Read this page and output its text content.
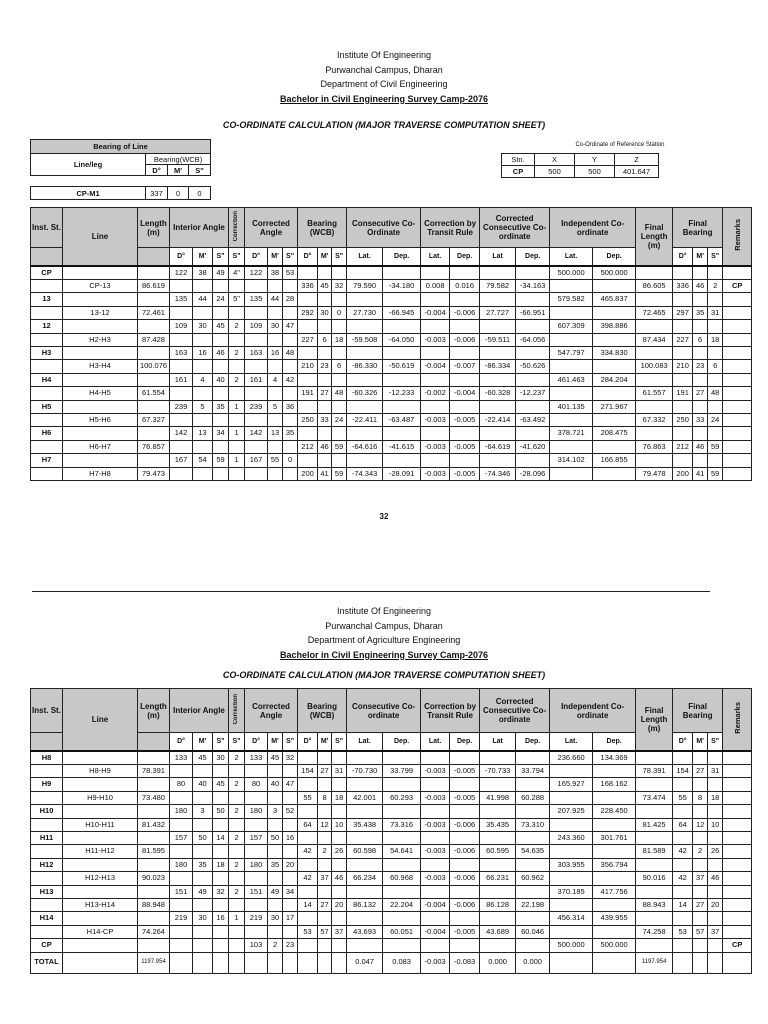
Institute Of Engineering
Purwanchal Campus, Dharan
Department of Civil Engineering
Bachelor in Civil Engineering Survey Camp-2076
CO-ORDINATE CALCULATION (MAJOR TRAVERSE COMPUTATION SHEET)
Bearing of Line			
Line/leg	Bearing(WCB)		
	D°	M'	S"
CP-M1	337	0	0
Co-Ordinate of Reference Station
Stn.	X	Y	Z
CP	500	500	401.647
Inst. St.	Line	Length (m)	Interior Angle			Correction	Corrected Angle			Bearing (WCB)			Consecutive Co-Ordinate		Correction by Transit Rule		Corrected Consecutive Co-ordinate		Independent Co-ordinate		Final Length (m)	Final Bearing			Remarks
			D°	M'	S"	S"	D°	M'	S"	D°	M'	S"	Lat.	Dep.	Lat.	Dep.	Lat	Dep.	Lat.	Dep.		D°	M'	S"	
CP			122	38	49	4"	122	38	53										500.000	500.000					
	CP-13	86.619								336	45	32	79.590	-34.180	0.008	0.016	79.582	-34.163			86.605	336	46	2	CP
13			135	44	24	5"	135	44	28										579.582	465.837					
	13-12	72.461								292	30	0	27.730	-66.945	-0.004	-0.006	27.727	-66.951			72.465	297	35	31	
12			109	30	45	2	109	30	47										607.309	398.886					
	H2-H3	87.428								227	6	18	-59.508	-64.050	-0.003	-0.006	-59.511	-64.056			87.434	227	6	18	
H3			163	16	46	2	163	16	48										547.797	334.830					
	H3-H4	100.076								210	23	6	-86.330	-50.619	-0.004	-0.007	-86.334	-50.626			100.083	210	23	6	
H4			161	4	40	2	161	4	42										461.463	284.204					
	H4-H5	61.554								191	27	48	-60.326	-12.233	-0.002	-0.004	-60.328	-12.237			61.557	191	27	48	
H5			239	5	35	1	239	5	36										401.135	271.967					
	H5-H6	67.327								250	33	24	-22.411	-63.487	-0.003	-0.005	-22.414	-63.492			67.332	250	33	24	
H6			142	13	34	1	142	13	35										378.721	208.475					
	H6-H7	76.857								212	46	59	-64.616	-41.615	-0.003	-0.005	-64.619	-41.620			76.863	212	46	59	
H7			167	54	59	1	167	55	0										314.102	166.855					
	H7-H8	79.473								200	41	59	-74.343	-28.091	-0.003	-0.005	-74.346	-28.096			79.478	200	41	59	
32
Institute Of Engineering
Purwanchal Campus, Dharan
Department of Agriculture Engineering
Bachelor in Civil Engineering Survey Camp-2076
CO-ORDINATE CALCULATION (MAJOR TRAVERSE COMPUTATION SHEET)
Inst. St.	Line	Length (m)	Interior Angle			Correction	Corrected Angle			Bearing (WCB)			Consecutive Co-ordinate		Correction by Transit Rule		Corrected Consecutive Co-ordinate		Independent Co-ordinate		Final Length (m)	Final Bearing			Remarks
			D°	M'	S"	S"	D°	M'	S"	D°	M'	S"	Lat.	Dep.	Lat.	Dep.	Lat	Dep.	Lat.	Dep.		D°	M'	S"	
H8			133	45	30	2	133	45	32										236.660	134.369					
	H8-H9	78.391								154	27	31	-70.730	33.799	-0.003	-0.005	-70.733	33.794			78.391	154	27	31	
H9			80	40	45	2	80	40	47										165.927	168.162					
	H9-H10	73.480								55	8	18	42.001	60.293	-0.003	-0.005	41.998	60.288			73.474	55	8	18	
H10			180	3	50	2	180	3	52										207.925	228.450					
	H10-H11	81.432								64	12	10	35.438	73.316	-0.003	-0.006	35.435	73.310			81.425	64	12	10	
H11			157	50	14	2	157	50	16										243.360	301.761					
	H11-H12	81.595								42	2	26	60.598	54.641	-0.003	-0.006	60.595	54.635			81.589	42	2	26	
H12			180	35	18	2	180	35	20										303.955	356.794					
	H12-H13	90.023								42	37	46	66.234	60.968	-0.003	-0.006	66.231	60.962			90.016	42	37	46	
H13			151	49	32	2	151	49	34										370.185	417.756					
	H13-H14	88.948								14	27	20	86.132	22.204	-0.004	-0.006	86.128	22.198			88.943	14	27	20	
H14			219	30	16	1	219	30	17										456.314	439.955					
	H14-CP	74.264								53	57	37	43.693	60.051	-0.004	-0.005	43.689	60.046			74.258	53	57	37	
CP							103	2	23										500.000	500.000					CP
TOTAL		1197.954											0.047	0.083	-0.003	-0.083	0.000	0.000			1197.954				
